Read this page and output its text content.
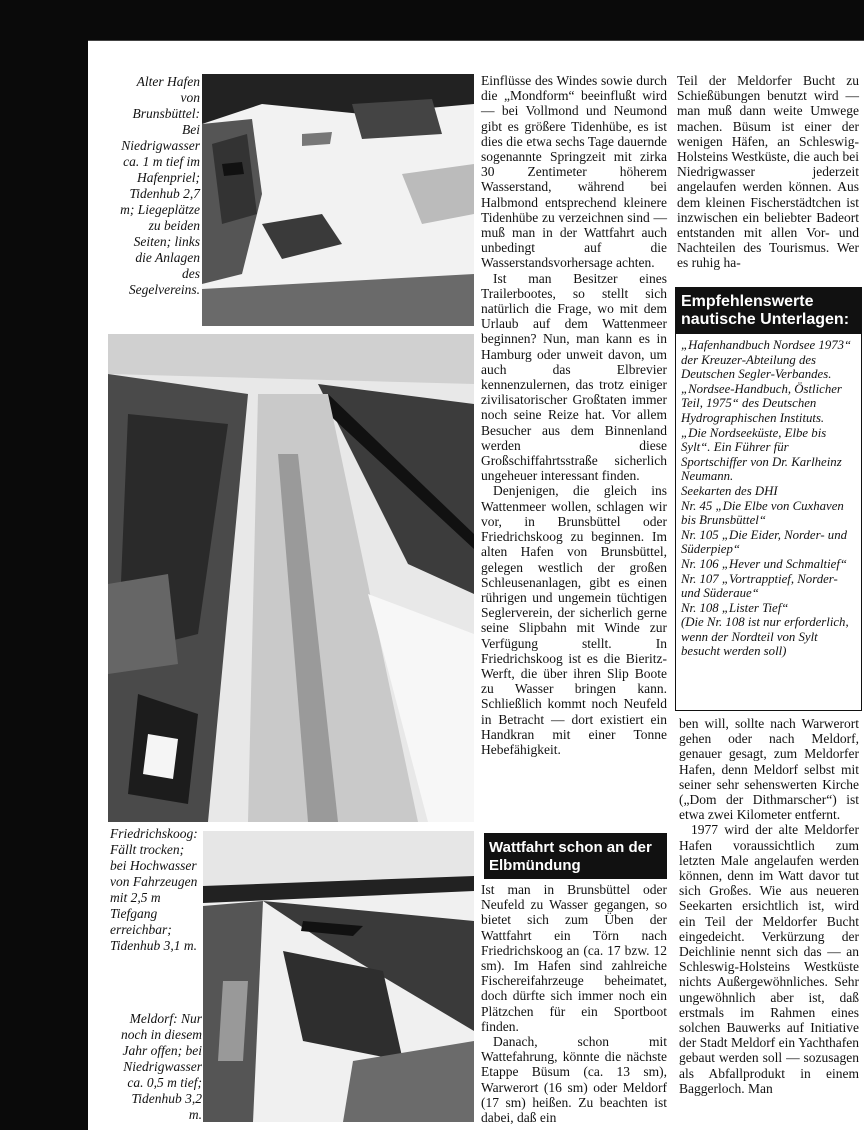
Alter Hafen von Brunsbüttel: Bei Niedrigwasser ca. 1 m tief im Hafenpriel; Tidenhub 2,7 m; Liegeplätze zu beiden Seiten; links die Anlagen des Segelvereins.
Friedrichskoog: Fällt trocken; bei Hochwasser von Fahrzeugen mit 2,5 m Tiefgang erreichbar; Tidenhub 3,1 m.
Meldorf: Nur noch in diesem Jahr offen; bei Niedrigwasser ca. 0,5 m tief; Tidenhub 3,2 m.

Einflüsse des Windes sowie durch die „Mondform“ beeinflußt wird — bei Vollmond und Neumond gibt es größere Tidenhübe, es ist dies die etwa sechs Tage dauernde sogenannte Springzeit mit zirka 30 Zentimeter höherem Wasserstand, während bei Halbmond entsprechend kleinere Tidenhübe zu verzeichnen sind — muß man in der Wattfahrt auch unbedingt auf die Wasserstandsvorhersage achten.

Ist man Besitzer eines Trailerbootes, so stellt sich natürlich die Frage, wo mit dem Urlaub auf dem Wattenmeer beginnen? Nun, man kann es in Hamburg oder unweit davon, um auch das Elbrevier kennenzulernen, das trotz einiger zivilisatorischer Großtaten immer noch seine Reize hat. Vor allem Besucher aus dem Binnenland werden diese Großschiffahrtsstraße sicherlich ungeheuer interessant finden.

Denjenigen, die gleich ins Wattenmeer wollen, schlagen wir vor, in Brunsbüttel oder Friedrichskoog zu beginnen. Im alten Hafen von Brunsbüttel, gelegen westlich der großen Schleusenanlagen, gibt es einen rührigen und ungemein tüchtigen Seglerverein, der sicherlich gerne seine Slipbahn mit Winde zur Verfügung stellt. In Friedrichskoog ist es die Bieritz-Werft, die über ihren Slip Boote zu Wasser bringen kann. Schließlich kommt noch Neufeld in Betracht — dort existiert ein Handkran mit einer Tonne Hebefähigkeit.

Wattfahrt schon an der Elbmündung

Ist man in Brunsbüttel oder Neufeld zu Wasser gegangen, so bietet sich zum Üben der Wattfahrt ein Törn nach Friedrichskoog an (ca. 17 bzw. 12 sm). Im Hafen sind zahlreiche Fischereifahrzeuge beheimatet, doch dürfte sich immer noch ein Plätzchen für ein Sportboot finden.

Danach, schon mit Wattefahrung, könnte die nächste Etappe Büsum (ca. 13 sm), Warwerort (16 sm) oder Meldorf (17 sm) heißen. Zu beachten ist dabei, daß ein

Teil der Meldorfer Bucht zu Schießübungen benutzt wird — man muß dann weite Umwege machen. Büsum ist einer der wenigen Häfen, an Schleswig-Holsteins Westküste, die auch bei Niedrigwasser jederzeit angelaufen werden können. Aus dem kleinen Fischerstädtchen ist inzwischen ein beliebter Badeort entstanden mit allen Vor- und Nachteilen des Tourismus. Wer es ruhig ha-

Empfehlenswerte nautische Unterlagen:
„Hafenhandbuch Nordsee 1973“ der Kreuzer-Abteilung des Deutschen Segler-Verbandes.
„Nordsee-Handbuch, Östlicher Teil, 1975“ des Deutschen Hydrographischen Instituts.
„Die Nordseeküste, Elbe bis Sylt“. Ein Führer für Sportschiffer von Dr. Karlheinz Neumann.
Seekarten des DHI
Nr. 45 „Die Elbe von Cuxhaven bis Brunsbüttel“
Nr. 105 „Die Eider, Norder- und Süderpiep“
Nr. 106 „Hever und Schmaltief“
Nr. 107 „Vortrapptief, Norder- und Süderaue“
Nr. 108 „Lister Tief“
(Die Nr. 108 ist nur erforderlich, wenn der Nordteil von Sylt besucht werden soll)

ben will, sollte nach Warwerort gehen oder nach Meldorf, genauer gesagt, zum Meldorfer Hafen, denn Meldorf selbst mit seiner sehr sehenswerten Kirche („Dom der Dithmarscher“) ist etwa zwei Kilometer entfernt.

1977 wird der alte Meldorfer Hafen voraussichtlich zum letzten Male angelaufen werden können, denn im Watt davor tut sich Großes. Wie aus neueren Seekarten ersichtlich ist, wird ein Teil der Meldorfer Bucht eingedeicht. Verkürzung der Deichlinie nennt sich das — an Schleswig-Holsteins Westküste nichts Außergewöhnliches. Sehr ungewöhnlich aber ist, daß erstmals im Rahmen eines solchen Bauwerks auf Initiative der Stadt Meldorf ein Yachthafen gebaut werden soll — sozusagen als Abfallprodukt in einem Baggerloch. Man
